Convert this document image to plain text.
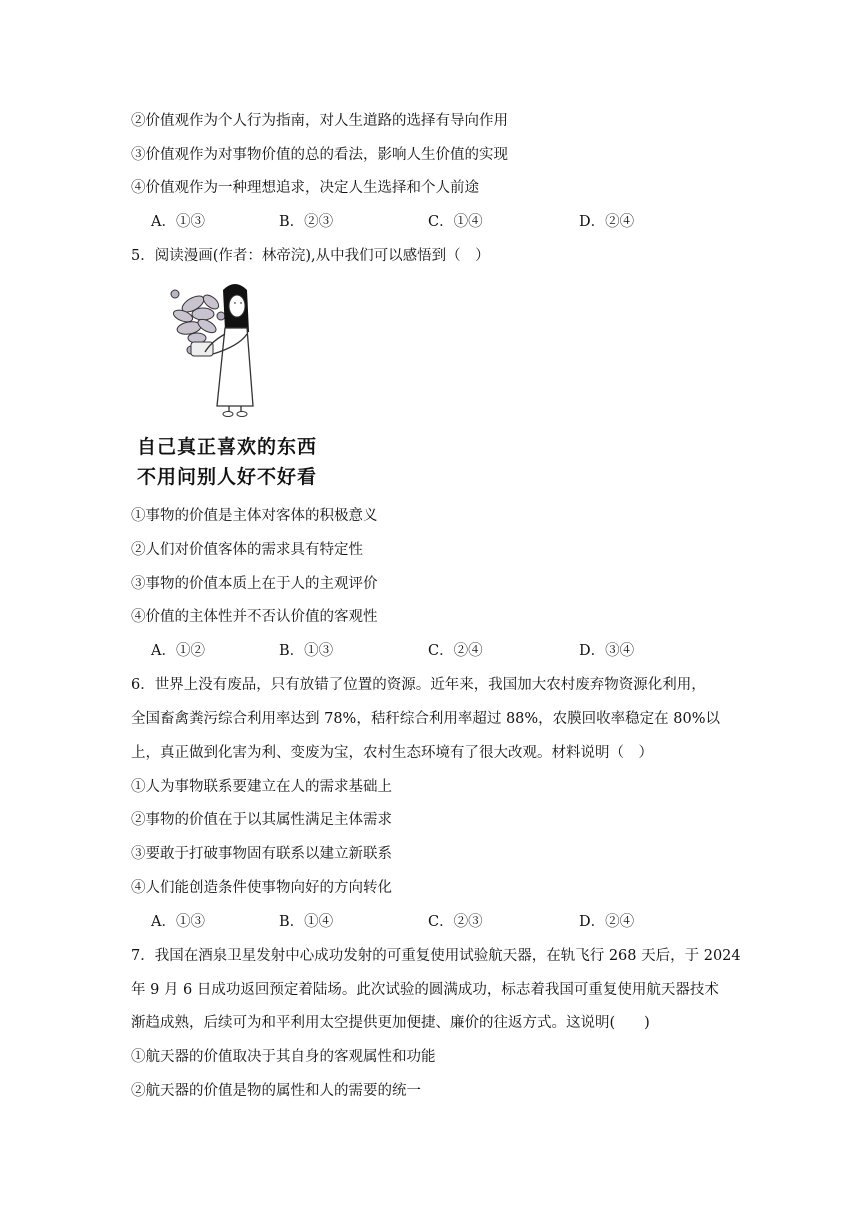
②价值观作为个人行为指南，对人生道路的选择有导向作用
③价值观作为对事物价值的总的看法，影响人生价值的实现
④价值观作为一种理想追求，决定人生选择和个人前途
A．①③	B．②③	C．①④	D．②④
5．阅读漫画(作者：林帝浣),从中我们可以感悟到（　）
自己真正喜欢的东西
不用问别人好不好看
①事物的价值是主体对客体的积极意义
②人们对价值客体的需求具有特定性
③事物的价值本质上在于人的主观评价
④价值的主体性并不否认价值的客观性
A．①②	B．①③	C．②④	D．③④
6．世界上没有废品，只有放错了位置的资源。近年来，我国加大农村废弃物资源化利用，
全国畜禽粪污综合利用率达到 78%，秸秆综合利用率超过 88%，农膜回收率稳定在 80%以
上，真正做到化害为利、变废为宝，农村生态环境有了很大改观。材料说明（　）
①人为事物联系要建立在人的需求基础上
②事物的价值在于以其属性满足主体需求
③要敢于打破事物固有联系以建立新联系
④人们能创造条件使事物向好的方向转化
A．①③	B．①④	C．②③	D．②④
7．我国在酒泉卫星发射中心成功发射的可重复使用试验航天器，在轨飞行 268 天后，于 2024
年 9 月 6 日成功返回预定着陆场。此次试验的圆满成功，标志着我国可重复使用航天器技术
渐趋成熟，后续可为和平利用太空提供更加便捷、廉价的往返方式。这说明(　　)
①航天器的价值取决于其自身的客观属性和功能
②航天器的价值是物的属性和人的需要的统一
